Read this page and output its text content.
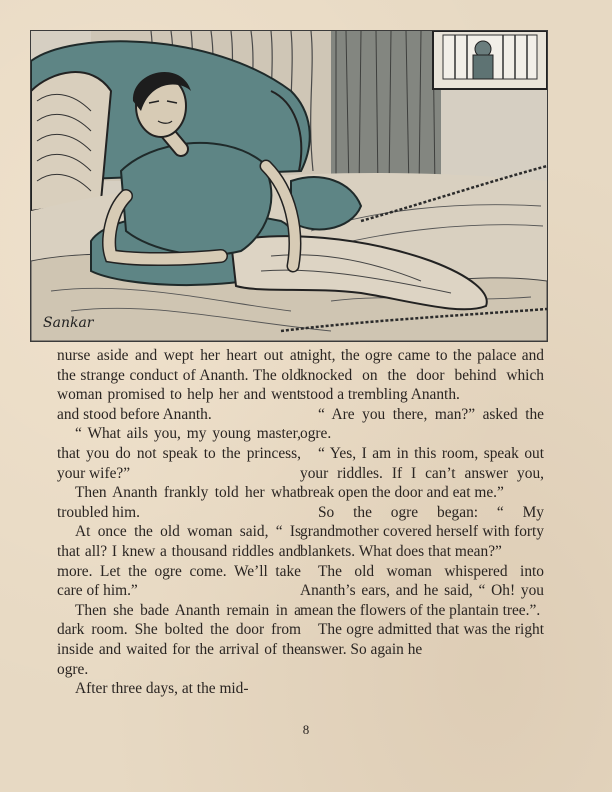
Sankar

nurse aside and wept her heart out at the strange conduct of Ananth. The old woman promised to help her and went and stood before Ananth.

“ What ails you, my young master, that you do not speak to the princess, your wife?”

Then Ananth frankly told her what troubled him.

At once the old woman said, “ Is that all? I knew a thousand riddles and more. Let the ogre come. We’ll take care of him.”

Then she bade Ananth remain in a dark room. She bolted the door from inside and waited for the arrival of the ogre.

After three days, at the mid-

night, the ogre came to the palace and knocked on the door behind which stood a trembling Ananth.

“ Are you there, man?” asked the ogre.

“ Yes, I am in this room, speak out your riddles. If I can’t answer you, break open the door and eat me.”

So the ogre began: “ My grandmother covered herself with forty blankets. What does that mean?”

The old woman whispered into Ananth’s ears, and he said, “ Oh! you mean the flowers of the plantain tree.”.

The ogre admitted that was the right answer. So again he

8
